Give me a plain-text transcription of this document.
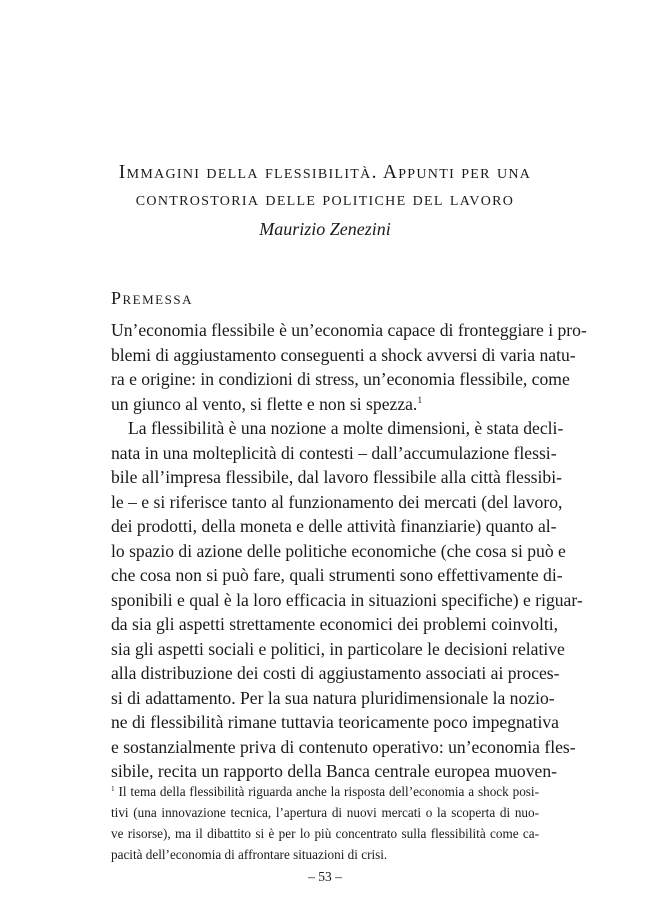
Immagini della flessibilità. Appunti per una
controstoria delle politiche del lavoro
Maurizio Zenezini
Premessa
Un’economia flessibile è un’economia capace di fronteggiare i pro-
blemi di aggiustamento conseguenti a shock avversi di varia natu-
ra e origine: in condizioni di stress, un’economia flessibile, come
un giunco al vento, si flette e non si spezza.$^1$
La flessibilità è una nozione a molte dimensioni, è stata decli-
nata in una molteplicità di contesti – dall’accumulazione flessi-
bile all’impresa flessibile, dal lavoro flessibile alla città flessibi-
le – e si riferisce tanto al funzionamento dei mercati (del lavoro,
dei prodotti, della moneta e delle attività finanziarie) quanto al-
lo spazio di azione delle politiche economiche (che cosa si può e
che cosa non si può fare, quali strumenti sono effettivamente di-
sponibili e qual è la loro efficacia in situazioni specifiche) e riguar-
da sia gli aspetti strettamente economici dei problemi coinvolti,
sia gli aspetti sociali e politici, in particolare le decisioni relative
alla distribuzione dei costi di aggiustamento associati ai proces-
si di adattamento. Per la sua natura pluridimensionale la nozio-
ne di flessibilità rimane tuttavia teoricamente poco impegnativa
e sostanzialmente priva di contenuto operativo: un’economia fles-
sibile, recita un rapporto della Banca centrale europea muoven-
$^1$ Il tema della flessibilità riguarda anche la risposta dell’economia a shock posi-
tivi (una innovazione tecnica, l’apertura di nuovi mercati o la scoperta di nuo-
ve risorse), ma il dibattito si è per lo più concentrato sulla flessibilità come ca-
pacità dell’economia di affrontare situazioni di crisi.
– 53 –
